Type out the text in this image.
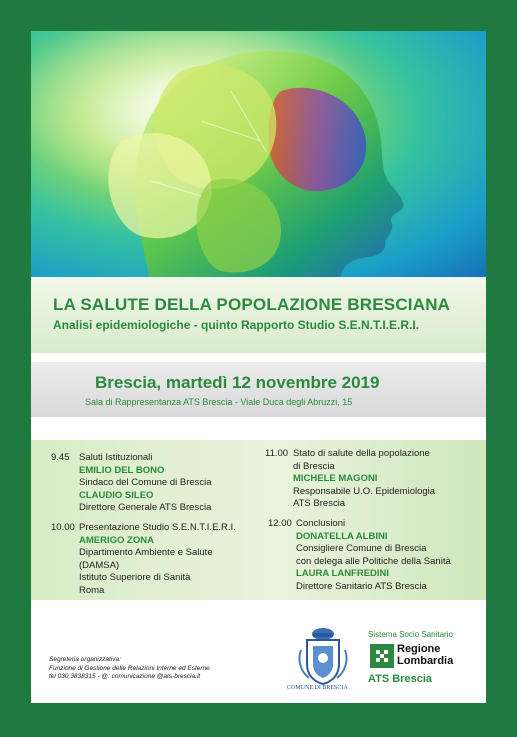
LA SALUTE DELLA POPOLAZIONE BRESCIANA
Analisi epidemiologiche - quinto Rapporto Studio S.E.N.T.I.E.R.I.
Brescia, martedì 12 novembre 2019
Sala di Rappresentanza ATS Brescia - Viale Duca degli Abruzzi, 15
9.45 Saluti Istituzionali
EMILIO DEL BONO
Sindaco del Comune di Brescia
CLAUDIO SILEO
Direttore Generale ATS Brescia
10.00 Presentazione Studio S.E.N.T.I.E.R.I.
AMERIGO ZONA
Dipartimento Ambiente e Salute
(DAMSA)
Istituto Superiore di Sanità
Roma
11.00 Stato di salute della popolazione
di Brescia
MICHELE MAGONI
Responsabile U.O. Epidemiologia
ATS Brescia
12.00 Conclusioni
DONATELLA ALBINI
Consigliere Comune di Brescia
con delega alle Politiche della Sanità
LAURA LANFREDINI
Direttore Sanitario ATS Brescia
Segreteria organizzativa:
Funzione di Gestione delle Relazioni Interne ed Esterne
tel 030.3838315 - @: comunicazione @ats-brescia.it
COMUNE DI BRESCIA
Sistema Socio Sanitario
Regione
Lombardia
ATS Brescia
